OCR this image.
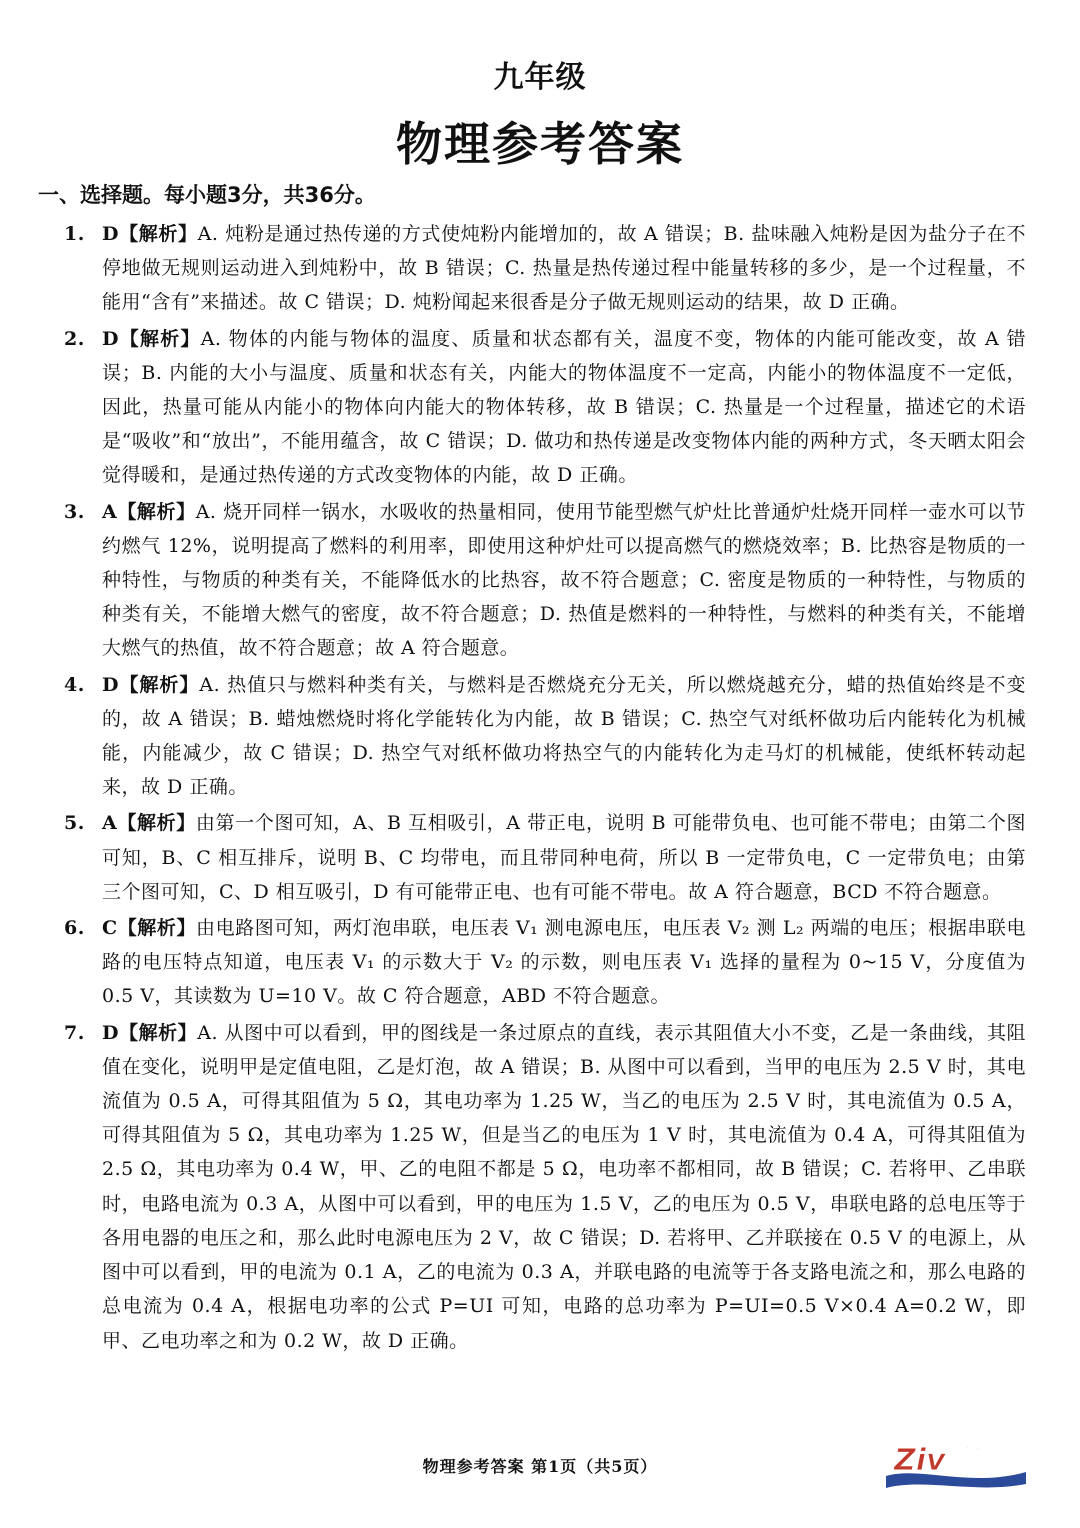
九年级
物理参考答案
一、选择题。每小题3分，共36分。
1. D【解析】A. 炖粉是通过热传递的方式使炖粉内能增加的，故 A 错误；B. 盐味融入炖粉是因为盐分子在不停地做无规则运动进入到炖粉中，故 B 错误；C. 热量是热传递过程中能量转移的多少，是一个过程量，不能用“含有”来描述。故 C 错误；D. 炖粉闻起来很香是分子做无规则运动的结果，故 D 正确。
2. D【解析】A. 物体的内能与物体的温度、质量和状态都有关，温度不变，物体的内能可能改变，故 A 错误；B. 内能的大小与温度、质量和状态有关，内能大的物体温度不一定高，内能小的物体温度不一定低，因此，热量可能从内能小的物体向内能大的物体转移，故 B 错误；C. 热量是一个过程量，描述它的术语是“吸收”和“放出”，不能用蕴含，故 C 错误；D. 做功和热传递是改变物体内能的两种方式，冬天晒太阳会觉得暖和，是通过热传递的方式改变物体的内能，故 D 正确。
3. A【解析】A. 烧开同样一锅水，水吸收的热量相同，使用节能型燃气炉灶比普通炉灶烧开同样一壶水可以节约燃气 12%，说明提高了燃料的利用率，即使用这种炉灶可以提高燃气的燃烧效率；B. 比热容是物质的一种特性，与物质的种类有关，不能降低水的比热容，故不符合题意；C. 密度是物质的一种特性，与物质的种类有关，不能增大燃气的密度，故不符合题意；D. 热值是燃料的一种特性，与燃料的种类有关，不能增大燃气的热值，故不符合题意；故 A 符合题意。
4. D【解析】A. 热值只与燃料种类有关，与燃料是否燃烧充分无关，所以燃烧越充分，蜡的热值始终是不变的，故 A 错误；B. 蜡烛燃烧时将化学能转化为内能，故 B 错误；C. 热空气对纸杯做功后内能转化为机械能，内能减少，故 C 错误；D. 热空气对纸杯做功将热空气的内能转化为走马灯的机械能，使纸杯转动起来，故 D 正确。
5. A【解析】由第一个图可知，A、B 互相吸引，A 带正电，说明 B 可能带负电、也可能不带电；由第二个图可知，B、C 相互排斥，说明 B、C 均带电，而且带同种电荷，所以 B 一定带负电，C 一定带负电；由第三个图可知，C、D 相互吸引，D 有可能带正电、也有可能不带电。故 A 符合题意，BCD 不符合题意。
6. C【解析】由电路图可知，两灯泡串联，电压表 V₁ 测电源电压，电压表 V₂ 测 L₂ 两端的电压；根据串联电路的电压特点知道，电压表 V₁ 的示数大于 V₂ 的示数，则电压表 V₁ 选择的量程为 0~15 V，分度值为 0.5 V，其读数为 U=10 V。故 C 符合题意，ABD 不符合题意。
7. D【解析】A. 从图中可以看到，甲的图线是一条过原点的直线，表示其阻值大小不变，乙是一条曲线，其阻值在变化，说明甲是定值电阻，乙是灯泡，故 A 错误；B. 从图中可以看到，当甲的电压为 2.5 V 时，其电流值为 0.5 A，可得其阻值为 5 Ω，其电功率为 1.25 W，当乙的电压为 2.5 V 时，其电流值为 0.5 A，可得其阻值为 5 Ω，其电功率为 1.25 W，但是当乙的电压为 1 V 时，其电流值为 0.4 A，可得其阻值为 2.5 Ω，其电功率为 0.4 W，甲、乙的电阻不都是 5 Ω，电功率不都相同，故 B 错误；C. 若将甲、乙串联时，电路电流为 0.3 A，从图中可以看到，甲的电压为 1.5 V，乙的电压为 0.5 V，串联电路的总电压等于各用电器的电压之和，那么此时电源电压为 2 V，故 C 错误；D. 若将甲、乙并联接在 0.5 V 的电源上，从图中可以看到，甲的电流为 0.1 A，乙的电流为 0.3 A，并联电路的电流等于各支路电流之和，那么电路的总电流为 0.4 A，根据电功率的公式 P=UI 可知，电路的总功率为 P=UI=0.5 V×0.4 A=0.2 W，即甲、乙电功率之和为 0.2 W，故 D 正确。
物理参考答案 第1页（共5页）	Ziv唐
